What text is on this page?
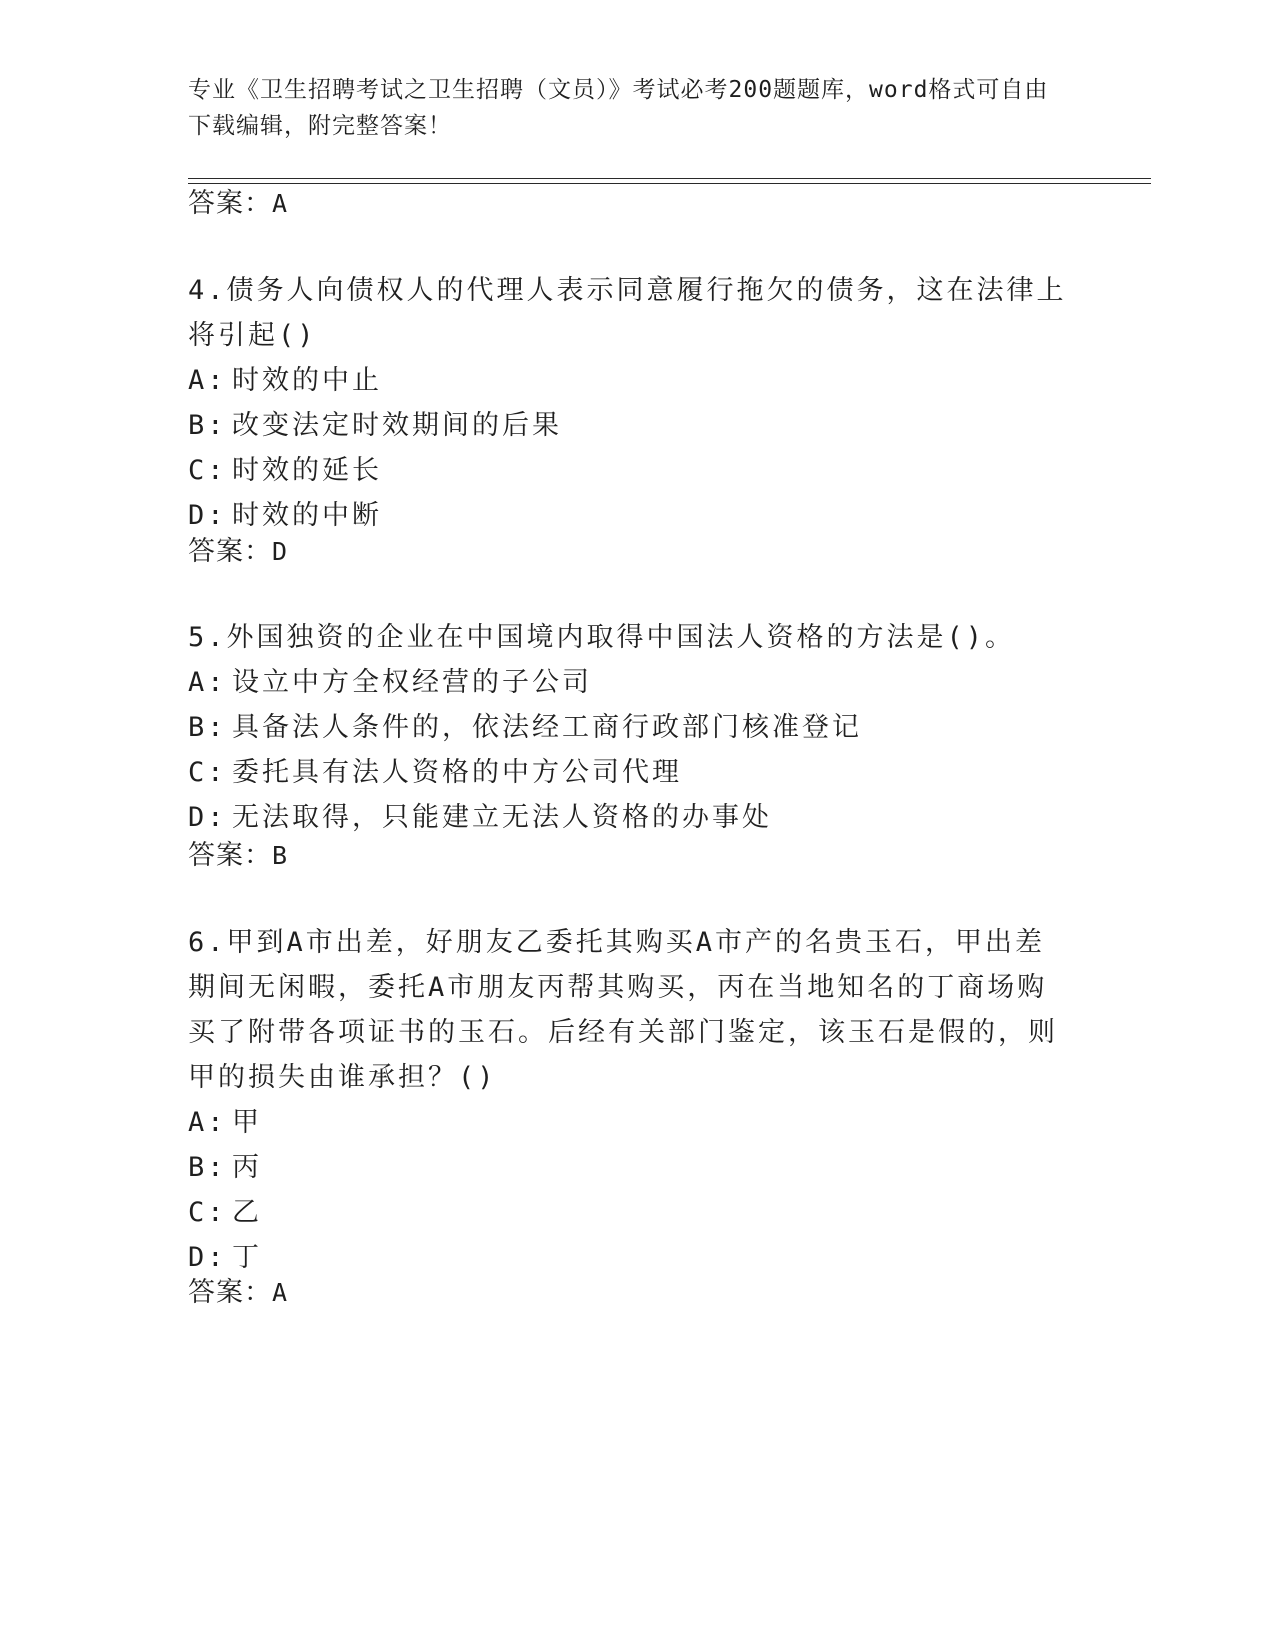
专业《卫生招聘考试之卫生招聘（文员）》考试必考200题题库，word格式可自由下载编辑，附完整答案！
答案：A

4.债务人向债权人的代理人表示同意履行拖欠的债务，这在法律上将引起()

A: 时效的中止

B: 改变法定时效期间的后果

C: 时效的延长

D: 时效的中断

答案：D

5.外国独资的企业在中国境内取得中国法人资格的方法是()。

A: 设立中方全权经营的子公司

B: 具备法人条件的，依法经工商行政部门核准登记

C: 委托具有法人资格的中方公司代理

D: 无法取得，只能建立无法人资格的办事处

答案：B

6.甲到A市出差，好朋友乙委托其购买A市产的名贵玉石，甲出差期间无闲暇，委托A市朋友丙帮其购买，丙在当地知名的丁商场购买了附带各项证书的玉石。后经有关部门鉴定，该玉石是假的，则甲的损失由谁承担？()

A: 甲

B: 丙

C: 乙

D: 丁

答案：A
